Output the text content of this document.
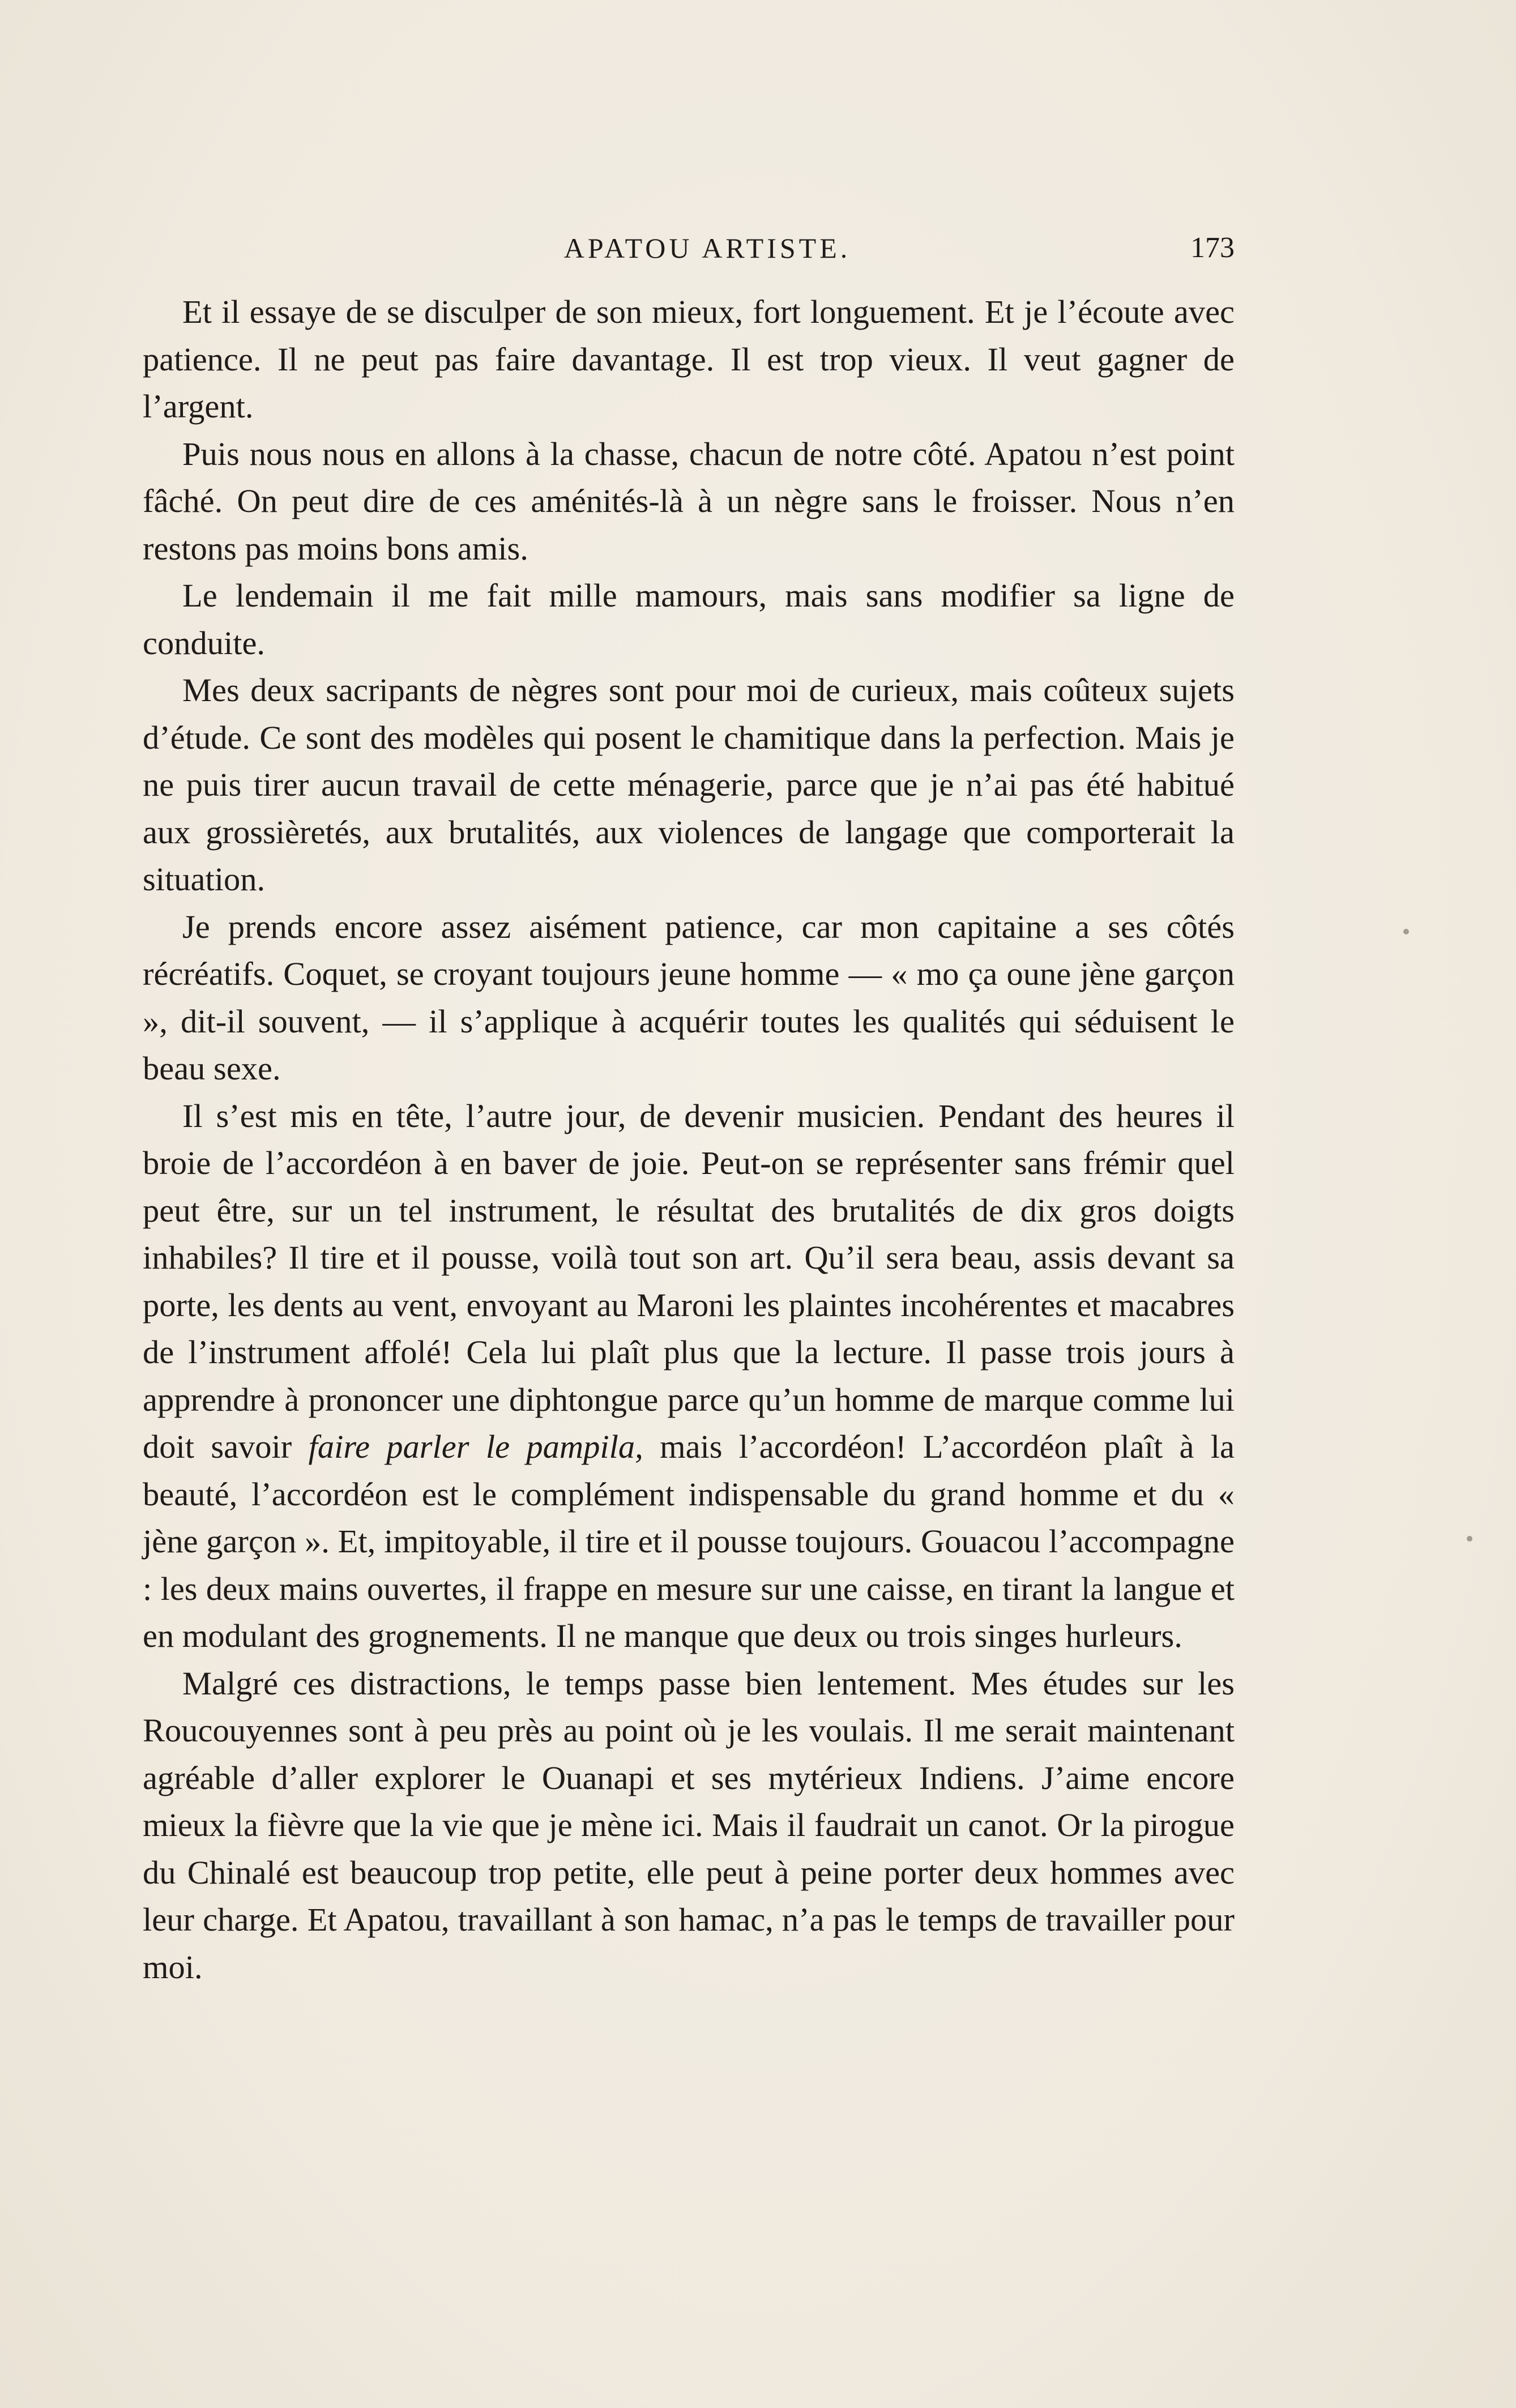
APATOU ARTISTE.	173

Et il essaye de se disculper de son mieux, fort longuement. Et je l’écoute avec patience. Il ne peut pas faire davantage. Il est trop vieux. Il veut gagner de l’argent.

Puis nous nous en allons à la chasse, chacun de notre côté. Apatou n’est point fâché. On peut dire de ces aménités-là à un nègre sans le froisser. Nous n’en restons pas moins bons amis.

Le lendemain il me fait mille mamours, mais sans modifier sa ligne de conduite.

Mes deux sacripants de nègres sont pour moi de curieux, mais coûteux sujets d’étude. Ce sont des modèles qui posent le chamitique dans la perfection. Mais je ne puis tirer aucun travail de cette ménagerie, parce que je n’ai pas été habitué aux grossièretés, aux brutalités, aux violences de langage que comporterait la situation.

Je prends encore assez aisément patience, car mon capitaine a ses côtés récréatifs. Coquet, se croyant toujours jeune homme — « mo ça oune jène garçon », dit-il souvent, — il s’applique à acquérir toutes les qualités qui séduisent le beau sexe.

Il s’est mis en tête, l’autre jour, de devenir musicien. Pendant des heures il broie de l’accordéon à en baver de joie. Peut-on se représenter sans frémir quel peut être, sur un tel instrument, le résultat des brutalités de dix gros doigts inhabiles? Il tire et il pousse, voilà tout son art. Qu’il sera beau, assis devant sa porte, les dents au vent, envoyant au Maroni les plaintes incohérentes et macabres de l’instrument affolé! Cela lui plaît plus que la lecture. Il passe trois jours à apprendre à prononcer une diphtongue parce qu’un homme de marque comme lui doit savoir faire parler le pampila, mais l’accordéon! L’accordéon plaît à la beauté, l’accordéon est le complément indispensable du grand homme et du « jène garçon ». Et, impitoyable, il tire et il pousse toujours. Gouacou l’accompagne : les deux mains ouvertes, il frappe en mesure sur une caisse, en tirant la langue et en modulant des grognements. Il ne manque que deux ou trois singes hurleurs.

Malgré ces distractions, le temps passe bien lentement. Mes études sur les Roucouyennes sont à peu près au point où je les voulais. Il me serait maintenant agréable d’aller explorer le Ouanapi et ses mytérieux Indiens. J’aime encore mieux la fièvre que la vie que je mène ici. Mais il faudrait un canot. Or la pirogue du Chinalé est beaucoup trop petite, elle peut à peine porter deux hommes avec leur charge. Et Apatou, travaillant à son hamac, n’a pas le temps de travailler pour moi.
